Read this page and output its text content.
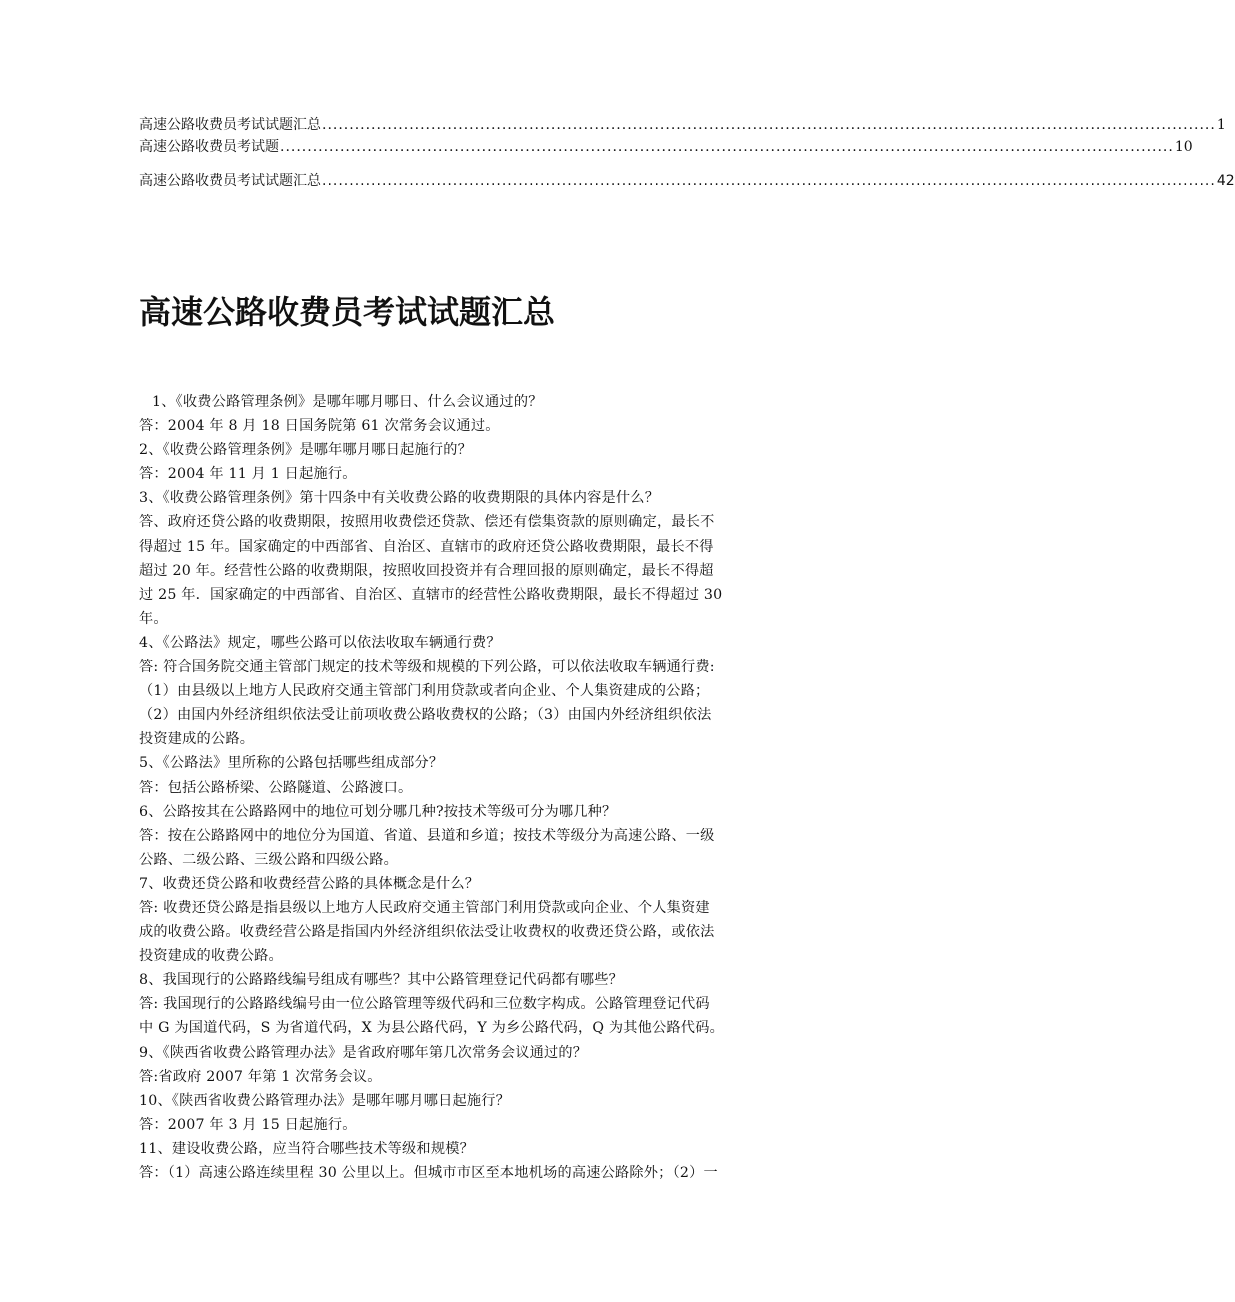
高速公路收费员考试试题汇总 .................................................................................................................................................................... 1
高速公路收费员考试题 .................................................................................................................................................................... 10
高速公路收费员考试试题汇总 .................................................................................................................................................................... 42
高速公路收费员考试试题汇总
1、《收费公路管理条例》是哪年哪月哪日、什么会议通过的？
答：2004 年 8 月 18 日国务院第 61 次常务会议通过。
2、《收费公路管理条例》是哪年哪月哪日起施行的？
答：2004 年 11 月 1 日起施行。
3、《收费公路管理条例》第十四条中有关收费公路的收费期限的具体内容是什么？
答、政府还贷公路的收费期限，按照用收费偿还贷款、偿还有偿集资款的原则确定，最长不
得超过 15 年。国家确定的中西部省、自治区、直辖市的政府还贷公路收费期限，最长不得
超过 20 年。经营性公路的收费期限，按照收回投资并有合理回报的原则确定，最长不得超
过 25 年．国家确定的中西部省、自治区、直辖市的经营性公路收费期限，最长不得超过 30
年。
4、《公路法》规定，哪些公路可以依法收取车辆通行费？
答: 符合国务院交通主管部门规定的技术等级和规模的下列公路，可以依法收取车辆通行费:
（1）由县级以上地方人民政府交通主管部门利用贷款或者向企业、个人集资建成的公路；
（2）由国内外经济组织依法受让前项收费公路收费权的公路；（3）由国内外经济组织依法
投资建成的公路。
5、《公路法》里所称的公路包括哪些组成部分？
答：包括公路桥梁、公路隧道、公路渡口。
6、公路按其在公路路网中的地位可划分哪几种?按技术等级可分为哪几种？
答：按在公路路网中的地位分为国道、省道、县道和乡道；按技术等级分为高速公路、一级
公路、二级公路、三级公路和四级公路。
7、收费还贷公路和收费经营公路的具体概念是什么？
答: 收费还贷公路是指县级以上地方人民政府交通主管部门利用贷款或向企业、个人集资建
成的收费公路。收费经营公路是指国内外经济组织依法受让收费权的收费还贷公路，或依法
投资建成的收费公路。
8、我国现行的公路路线编号组成有哪些？其中公路管理登记代码都有哪些？
答: 我国现行的公路路线编号由一位公路管理等级代码和三位数字构成。公路管理登记代码
中 G 为国道代码，S 为省道代码，X 为县公路代码，Y 为乡公路代码，Q 为其他公路代码。
9、《陕西省收费公路管理办法》是省政府哪年第几次常务会议通过的？
答:省政府 2007 年第 1 次常务会议。
10、《陕西省收费公路管理办法》是哪年哪月哪日起施行？
答：2007 年 3 月 15 日起施行。
11、建设收费公路，应当符合哪些技术等级和规模？
答：（1）高速公路连续里程 30 公里以上。但城市市区至本地机场的高速公路除外；（2）一
